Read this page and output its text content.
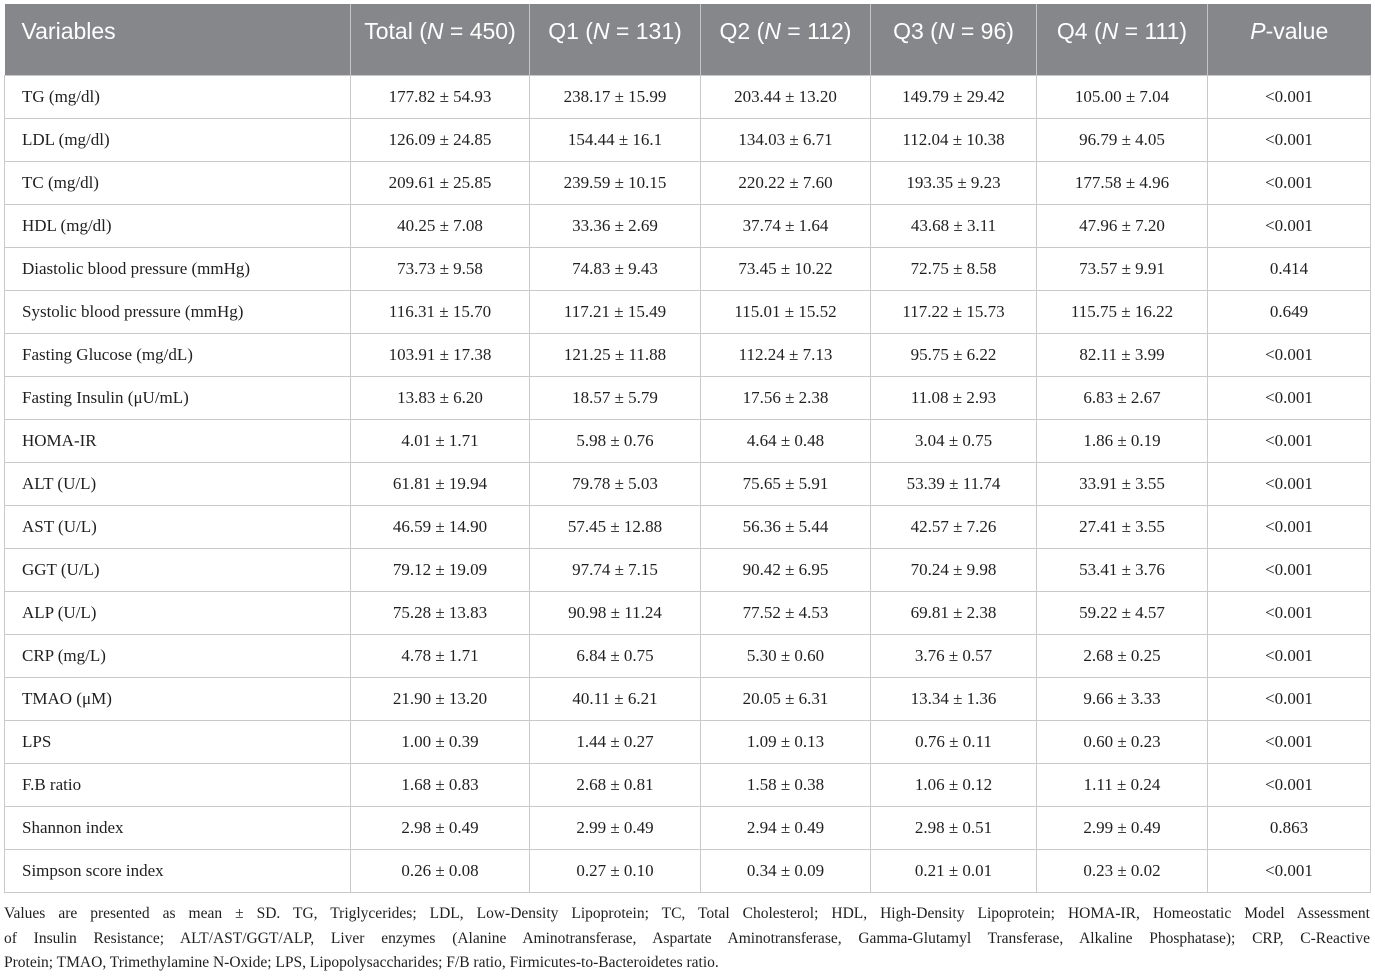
Variables	Total (N = 450)	Q1 (N = 131)	Q2 (N = 112)	Q3 (N = 96)	Q4 (N = 111)	P-value
TG (mg/dl)	177.82 ± 54.93	238.17 ± 15.99	203.44 ± 13.20	149.79 ± 29.42	105.00 ± 7.04	<0.001
LDL (mg/dl)	126.09 ± 24.85	154.44 ± 16.1	134.03 ± 6.71	112.04 ± 10.38	96.79 ± 4.05	<0.001
TC (mg/dl)	209.61 ± 25.85	239.59 ± 10.15	220.22 ± 7.60	193.35 ± 9.23	177.58 ± 4.96	<0.001
HDL (mg/dl)	40.25 ± 7.08	33.36 ± 2.69	37.74 ± 1.64	43.68 ± 3.11	47.96 ± 7.20	<0.001
Diastolic blood pressure (mmHg)	73.73 ± 9.58	74.83 ± 9.43	73.45 ± 10.22	72.75 ± 8.58	73.57 ± 9.91	0.414
Systolic blood pressure (mmHg)	116.31 ± 15.70	117.21 ± 15.49	115.01 ± 15.52	117.22 ± 15.73	115.75 ± 16.22	0.649
Fasting Glucose (mg/dL)	103.91 ± 17.38	121.25 ± 11.88	112.24 ± 7.13	95.75 ± 6.22	82.11 ± 3.99	<0.001
Fasting Insulin (μU/mL)	13.83 ± 6.20	18.57 ± 5.79	17.56 ± 2.38	11.08 ± 2.93	6.83 ± 2.67	<0.001
HOMA-IR	4.01 ± 1.71	5.98 ± 0.76	4.64 ± 0.48	3.04 ± 0.75	1.86 ± 0.19	<0.001
ALT (U/L)	61.81 ± 19.94	79.78 ± 5.03	75.65 ± 5.91	53.39 ± 11.74	33.91 ± 3.55	<0.001
AST (U/L)	46.59 ± 14.90	57.45 ± 12.88	56.36 ± 5.44	42.57 ± 7.26	27.41 ± 3.55	<0.001
GGT (U/L)	79.12 ± 19.09	97.74 ± 7.15	90.42 ± 6.95	70.24 ± 9.98	53.41 ± 3.76	<0.001
ALP (U/L)	75.28 ± 13.83	90.98 ± 11.24	77.52 ± 4.53	69.81 ± 2.38	59.22 ± 4.57	<0.001
CRP (mg/L)	4.78 ± 1.71	6.84 ± 0.75	5.30 ± 0.60	3.76 ± 0.57	2.68 ± 0.25	<0.001
TMAO (μM)	21.90 ± 13.20	40.11 ± 6.21	20.05 ± 6.31	13.34 ± 1.36	9.66 ± 3.33	<0.001
LPS	1.00 ± 0.39	1.44 ± 0.27	1.09 ± 0.13	0.76 ± 0.11	0.60 ± 0.23	<0.001
F.B ratio	1.68 ± 0.83	2.68 ± 0.81	1.58 ± 0.38	1.06 ± 0.12	1.11 ± 0.24	<0.001
Shannon index	2.98 ± 0.49	2.99 ± 0.49	2.94 ± 0.49	2.98 ± 0.51	2.99 ± 0.49	0.863
Simpson score index	0.26 ± 0.08	0.27 ± 0.10	0.34 ± 0.09	0.21 ± 0.01	0.23 ± 0.02	<0.001
Values are presented as mean ± SD. TG, Triglycerides; LDL, Low-Density Lipoprotein; TC, Total Cholesterol; HDL, High-Density Lipoprotein; HOMA-IR, Homeostatic Model Assessment
of Insulin Resistance; ALT/AST/GGT/ALP, Liver enzymes (Alanine Aminotransferase, Aspartate Aminotransferase, Gamma-Glutamyl Transferase, Alkaline Phosphatase); CRP, C-Reactive
Protein; TMAO, Trimethylamine N-Oxide; LPS, Lipopolysaccharides; F/B ratio, Firmicutes-to-Bacteroidetes ratio.
